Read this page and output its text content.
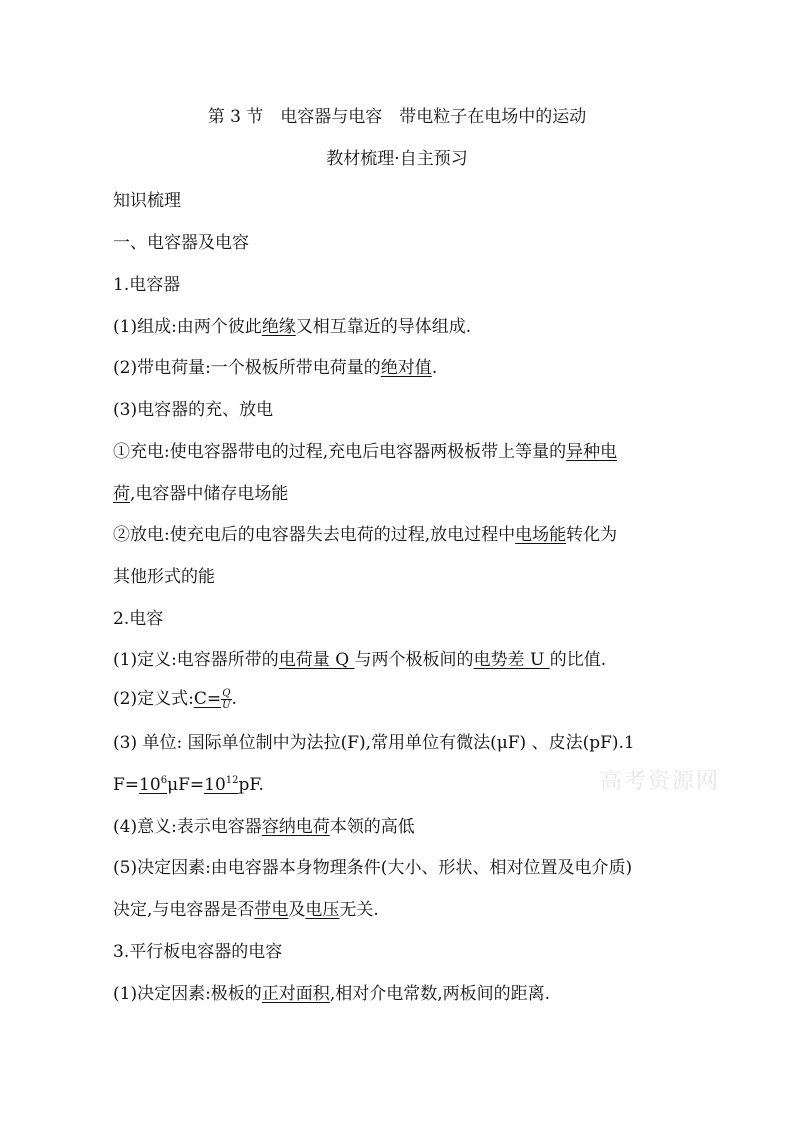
第 3 节　电容器与电容　带电粒子在电场中的运动
教材梳理·自主预习
知识梳理
一、电容器及电容
1.电容器
(1)组成:由两个彼此绝缘又相互靠近的导体组成.
(2)带电荷量:一个极板所带电荷量的绝对值.
(3)电容器的充、放电
①充电:使电容器带电的过程,充电后电容器两极板带上等量的异种电
荷,电容器中储存电场能
②放电:使充电后的电容器失去电荷的过程,放电过程中电场能转化为
其他形式的能
2.电容
(1)定义:电容器所带的电荷量 Q 与两个极板间的电势差 U 的比值.
(2)定义式:C= $\frac{Q}{U}$ .
(3) 单位: 国际单位制中为法拉(F),常用单位有微法(μF) 、皮法(pF).1
$F=10^6\mu F=10^{12}pF$.
(4)意义:表示电容器容纳电荷本领的高低
(5)决定因素:由电容器本身物理条件(大小、形状、相对位置及电介质)
决定,与电容器是否带电及电压无关.
3.平行板电容器的电容
(1)决定因素:极板的正对面积,相对介电常数,两板间的距离.
高考资源网
